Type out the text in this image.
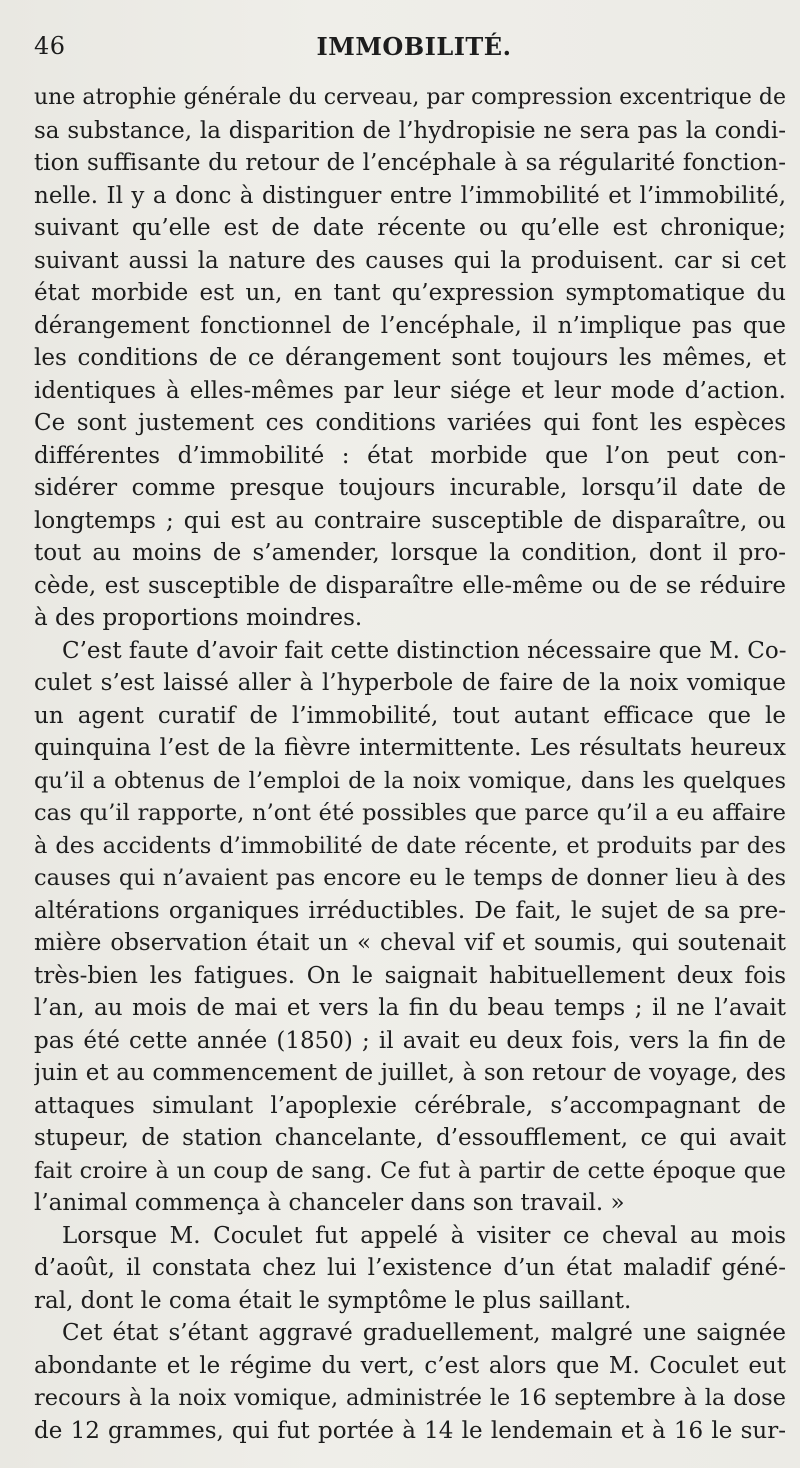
46	IMMOBILITÉ.
une atrophie générale du cerveau, par compression excentrique de
sa substance, la disparition de l’hydropisie ne sera pas la condi-
tion suffisante du retour de l’encéphale à sa régularité fonction-
nelle. Il y a donc à distinguer entre l’immobilité et l’immobilité,
suivant qu’elle est de date récente ou qu’elle est chronique;
suivant aussi la nature des causes qui la produisent. car si cet
état morbide est un, en tant qu’expression symptomatique du
dérangement fonctionnel de l’encéphale, il n’implique pas que
les conditions de ce dérangement sont toujours les mêmes, et
identiques à elles-mêmes par leur siége et leur mode d’action.
Ce sont justement ces conditions variées qui font les espèces
différentes d’immobilité : état morbide que l’on peut con-
sidérer comme presque toujours incurable, lorsqu’il date de
longtemps ; qui est au contraire susceptible de disparaître, ou
tout au moins de s’amender, lorsque la condition, dont il pro-
cède, est susceptible de disparaître elle-même ou de se réduire
à des proportions moindres.
C’est faute d’avoir fait cette distinction nécessaire que M. Co-
culet s’est laissé aller à l’hyperbole de faire de la noix vomique
un agent curatif de l’immobilité, tout autant efficace que le
quinquina l’est de la fièvre intermittente. Les résultats heureux
qu’il a obtenus de l’emploi de la noix vomique, dans les quelques
cas qu’il rapporte, n’ont été possibles que parce qu’il a eu affaire
à des accidents d’immobilité de date récente, et produits par des
causes qui n’avaient pas encore eu le temps de donner lieu à des
altérations organiques irréductibles. De fait, le sujet de sa pre-
mière observation était un « cheval vif et soumis, qui soutenait
très-bien les fatigues. On le saignait habituellement deux fois
l’an, au mois de mai et vers la fin du beau temps ; il ne l’avait
pas été cette année (1850) ; il avait eu deux fois, vers la fin de
juin et au commencement de juillet, à son retour de voyage, des
attaques simulant l’apoplexie cérébrale, s’accompagnant de
stupeur, de station chancelante, d’essoufflement, ce qui avait
fait croire à un coup de sang. Ce fut à partir de cette époque que
l’animal commença à chanceler dans son travail. »
Lorsque M. Coculet fut appelé à visiter ce cheval au mois
d’août, il constata chez lui l’existence d’un état maladif géné-
ral, dont le coma était le symptôme le plus saillant.
Cet état s’étant aggravé graduellement, malgré une saignée
abondante et le régime du vert, c’est alors que M. Coculet eut
recours à la noix vomique, administrée le 16 septembre à la dose
de 12 grammes, qui fut portée à 14 le lendemain et à 16 le sur-
